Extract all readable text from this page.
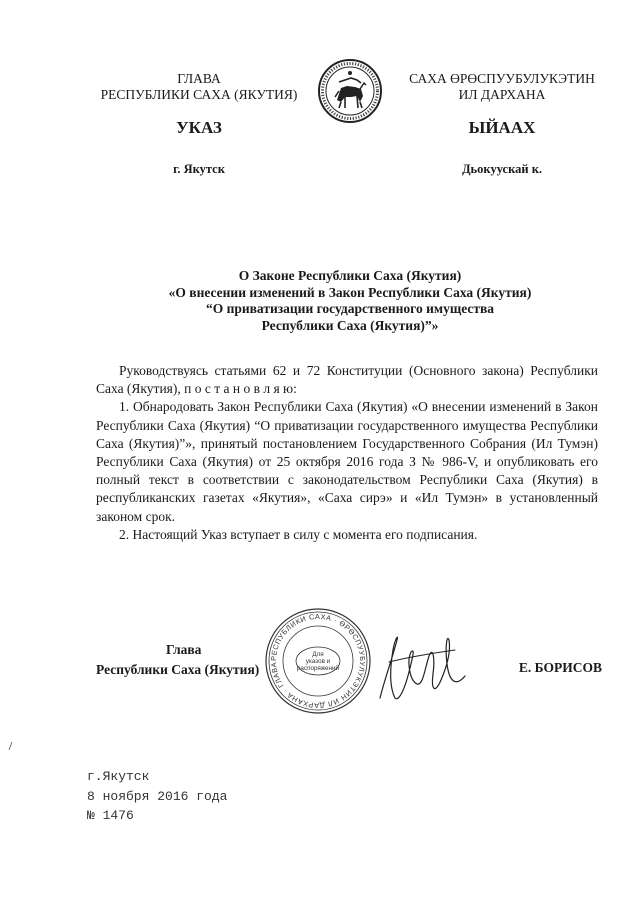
ГЛАВА
РЕСПУБЛИКИ САХА (ЯКУТИЯ)
САХА ӨРӨСПУУБУЛУКЭТИН
ИЛ ДАРХАНА
УКАЗ	ЫЙААХ
г. Якутск	Дьокуускай к.
О Законе Республики Саха (Якутия)
«О внесении изменений в Закон Республики Саха (Якутия)
“О приватизации государственного имущества
Республики Саха (Якутия)”»

Руководствуясь статьями 62 и 72 Конституции (Основного закона) Республики Саха (Якутия), п о с т а н о в л я ю:

1. Обнародовать Закон Республики Саха (Якутия) «О внесении изменений в Закон Республики Саха (Якутия) “О приватизации государственного имущества Республики Саха (Якутия)”», принятый постановлением Государственного Собрания (Ил Тумэн) Республики Саха (Якутия) от 25 октября 2016 года З № 986-V, и опубликовать его полный текст в соответствии с законодательством Республики Саха (Якутия) в республиканских газетах «Якутия», «Саха сирэ» и «Ил Тумэн» в установленный законом срок.

2. Настоящий Указ вступает в силу с момента его подписания.

Глава
Республики Саха (Якутия)
РЕСПУБЛИКИ САХА · ӨРӨСПУУБУЛУКЭТИН ИЛ ДАРХАНА · ГЛАВА
Для
указов и
распоряжений	Е. БОРИСОВ
г.Якутск
8 ноября 2016 года
№ 1476
